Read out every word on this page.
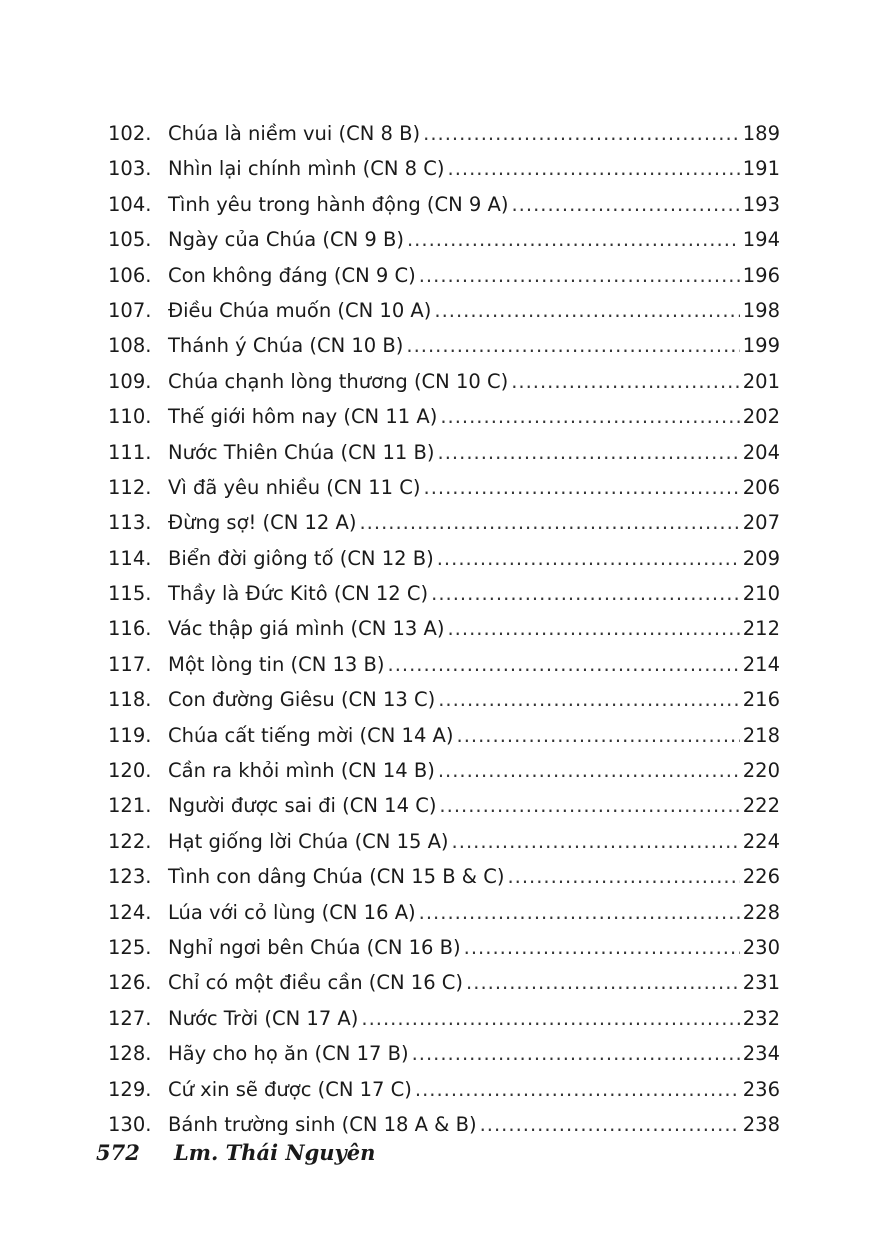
102. Chúa là niềm vui (CN 8 B) .....	189
103. Nhìn lại chính mình (CN 8 C) .....	191
104. Tình yêu trong hành động (CN 9 A) .....	193
105. Ngày của Chúa (CN 9 B) .....	194
106. Con không đáng (CN 9 C) .....	196
107. Điều Chúa muốn (CN 10 A) .....	198
108. Thánh ý Chúa (CN 10 B) .....	199
109. Chúa chạnh lòng thương (CN 10 C) .....	201
110. Thế giới hôm nay (CN 11 A) .....	202
111. Nước Thiên Chúa (CN 11 B) .....	204
112. Vì đã yêu nhiều (CN 11 C) .....	206
113. Đừng sợ! (CN 12 A) .....	207
114. Biển đời giông tố (CN 12 B) .....	209
115. Thầy là Đức Kitô (CN 12 C) .....	210
116. Vác thập giá mình (CN 13 A) .....	212
117. Một lòng tin (CN 13 B) .....	214
118. Con đường Giêsu (CN 13 C) .....	216
119. Chúa cất tiếng mời (CN 14 A) .....	218
120. Cần ra khỏi mình (CN 14 B) .....	220
121. Người được sai đi (CN 14 C) .....	222
122. Hạt giống lời Chúa (CN 15 A) .....	224
123. Tình con dâng Chúa (CN 15 B & C) .....	226
124. Lúa với cỏ lùng (CN 16 A) .....	228
125. Nghỉ ngơi bên Chúa (CN 16 B) .....	230
126. Chỉ có một điều cần (CN 16 C) .....	231
127. Nước Trời (CN 17 A) .....	232
128. Hãy cho họ ăn (CN 17 B) .....	234
129. Cứ xin sẽ được (CN 17 C) .....	236
130. Bánh trường sinh (CN 18 A & B) .....	238
572	Lm. Thái Nguyên
